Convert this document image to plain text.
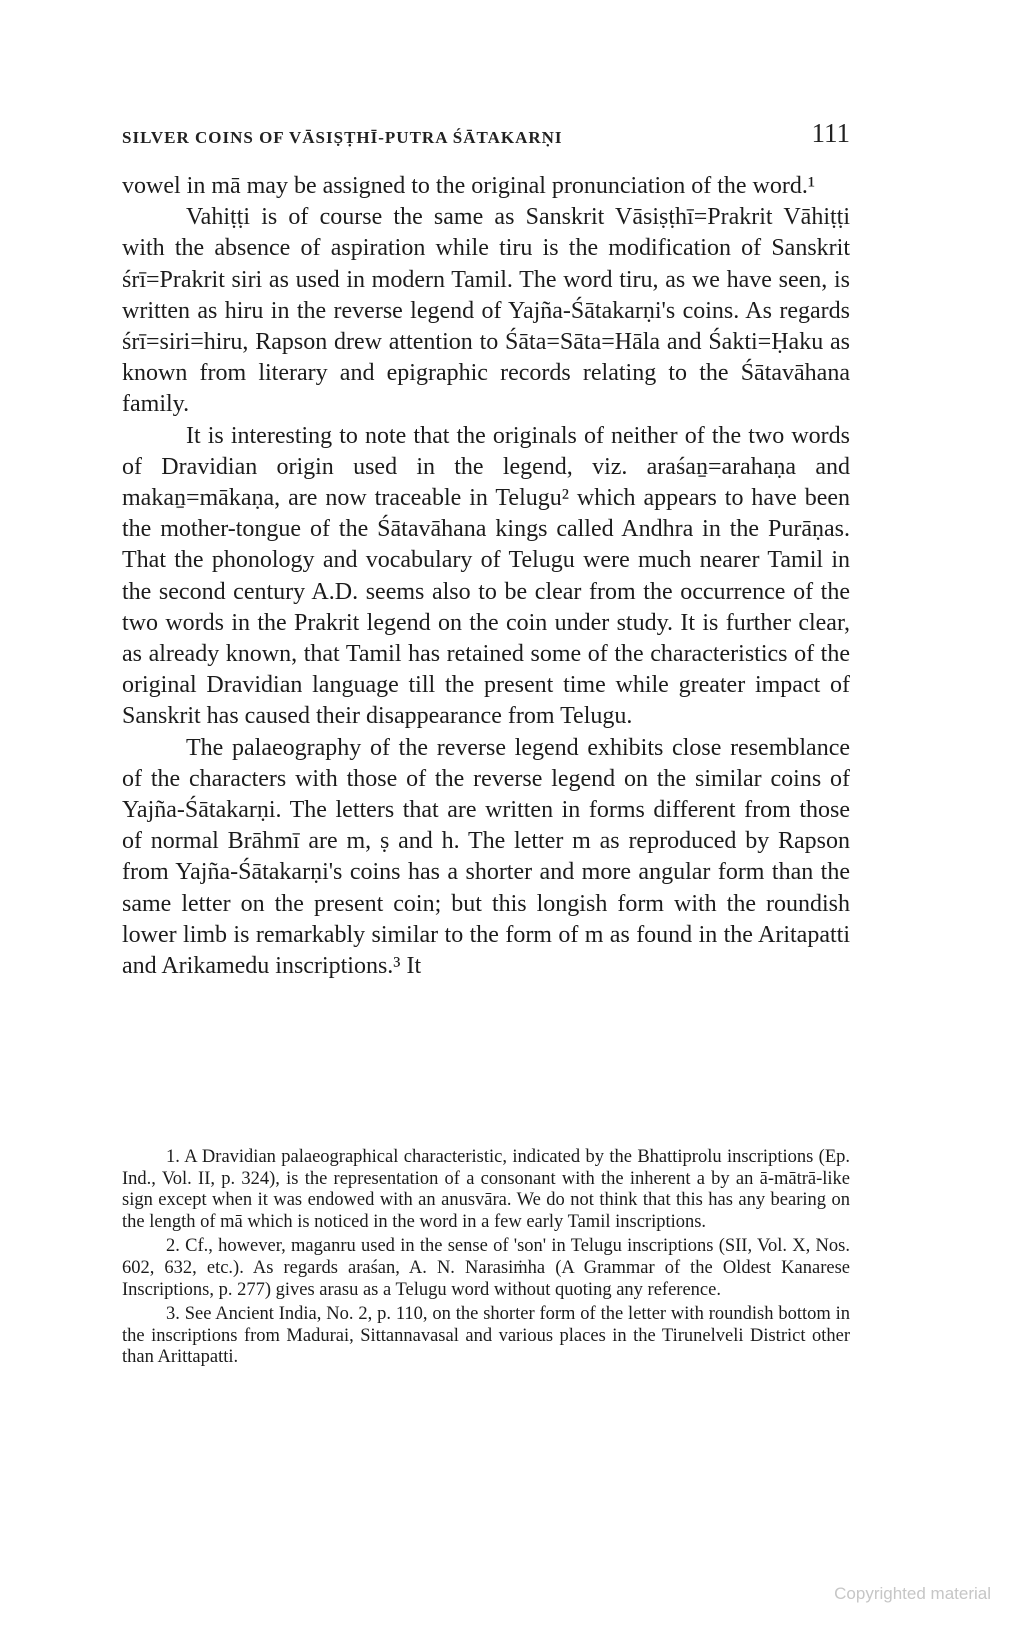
SILVER COINS OF VĀSIṢṬHĪ-PUTRA ŚĀTAKARṆI	111

vowel in mā may be assigned to the original pronunciation of the word.¹

Vahiṭṭi is of course the same as Sanskrit Vāsiṣṭhī=Prakrit Vāhiṭṭi with the absence of aspiration while tiru is the modification of Sanskrit śrī=Prakrit siri as used in modern Tamil. The word tiru, as we have seen, is written as hiru in the reverse legend of Yajña-Śātakarṇi's coins. As regards śrī=siri=hiru, Rapson drew attention to Śāta=Sāta=Hāla and Śakti=Ḥaku as known from literary and epigraphic records relating to the Śātavāhana family.

It is interesting to note that the originals of neither of the two words of Dravidian origin used in the legend, viz. araśaṉ=arahaṇa and makaṉ=mākaṇa, are now traceable in Telugu² which appears to have been the mother-tongue of the Śātavāhana kings called Andhra in the Purāṇas. That the phonology and vocabulary of Telugu were much nearer Tamil in the second century A.D. seems also to be clear from the occurrence of the two words in the Prakrit legend on the coin under study. It is further clear, as already known, that Tamil has retained some of the characteristics of the original Dravidian language till the present time while greater impact of Sanskrit has caused their disappearance from Telugu.

The palaeography of the reverse legend exhibits close resemblance of the characters with those of the reverse legend on the similar coins of Yajña-Śātakarṇi. The letters that are written in forms different from those of normal Brāhmī are m, ṣ and h. The letter m as reproduced by Rapson from Yajña-Śātakarṇi's coins has a shorter and more angular form than the same letter on the present coin; but this longish form with the roundish lower limb is remarkably similar to the form of m as found in the Aritapatti and Arikamedu inscriptions.³ It

1. A Dravidian palaeographical characteristic, indicated by the Bhattiprolu inscriptions (Ep. Ind., Vol. II, p. 324), is the representation of a consonant with the inherent a by an ā-mātrā-like sign except when it was endowed with an anusvāra. We do not think that this has any bearing on the length of mā which is noticed in the word in a few early Tamil inscriptions.

2. Cf., however, maganru used in the sense of 'son' in Telugu inscriptions (SII, Vol. X, Nos. 602, 632, etc.). As regards araśan, A. N. Narasiṁha (A Grammar of the Oldest Kanarese Inscriptions, p. 277) gives arasu as a Telugu word without quoting any reference.

3. See Ancient India, No. 2, p. 110, on the shorter form of the letter with roundish bottom in the inscriptions from Madurai, Sittannavasal and various places in the Tirunelveli District other than Arittapatti.

Copyrighted material
